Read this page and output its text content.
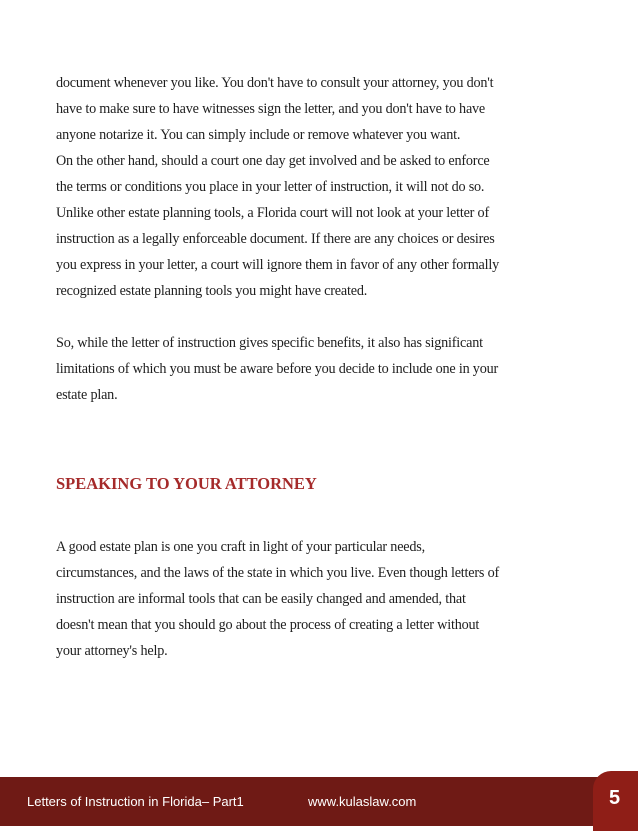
document whenever you like. You don't have to consult your attorney, you don't
have to make sure to have witnesses sign the letter, and you don't have to have
anyone notarize it. You can simply include or remove whatever you want.
On the other hand, should a court one day get involved and be asked to enforce
the terms or conditions you place in your letter of instruction, it will not do so.
Unlike other estate planning tools, a Florida court will not look at your letter of
instruction as a legally enforceable document. If there are any choices or desires
you express in your letter, a court will ignore them in favor of any other formally
recognized estate planning tools you might have created.
So, while the letter of instruction gives specific benefits, it also has significant
limitations of which you must be aware before you decide to include one in your
estate plan.
SPEAKING TO YOUR ATTORNEY
A good estate plan is one you craft in light of your particular needs,
circumstances, and the laws of the state in which you live. Even though letters of
instruction are informal tools that can be easily changed and amended, that
doesn't mean that you should go about the process of creating a letter without
your attorney's help.
Letters of Instruction in Florida– Part1	www.kulaslaw.com	5
